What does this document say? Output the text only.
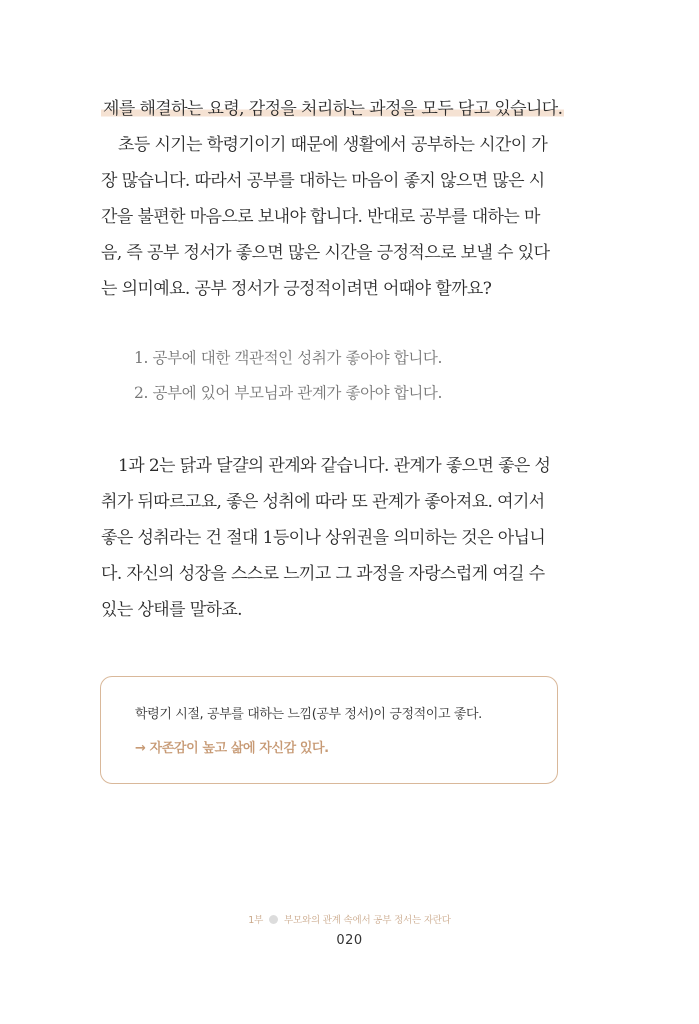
제를 해결하는 요령, 감정을 처리하는 과정을 모두 담고 있습니다.
초등 시기는 학령기이기 때문에 생활에서 공부하는 시간이 가
장 많습니다. 따라서 공부를 대하는 마음이 좋지 않으면 많은 시
간을 불편한 마음으로 보내야 합니다. 반대로 공부를 대하는 마
음, 즉 공부 정서가 좋으면 많은 시간을 긍정적으로 보낼 수 있다
는 의미예요. 공부 정서가 긍정적이려면 어때야 할까요?
1. 공부에 대한 객관적인 성취가 좋아야 합니다.
2. 공부에 있어 부모님과 관계가 좋아야 합니다.
1과 2는 닭과 달걀의 관계와 같습니다. 관계가 좋으면 좋은 성
취가 뒤따르고요, 좋은 성취에 따라 또 관계가 좋아져요. 여기서
좋은 성취라는 건 절대 1등이나 상위권을 의미하는 것은 아닙니
다. 자신의 성장을 스스로 느끼고 그 과정을 자랑스럽게 여길 수
있는 상태를 말하죠.
학령기 시절, 공부를 대하는 느낌(공부 정서)이 긍정적이고 좋다.
→ 자존감이 높고 삶에 자신감 있다.
1부 부모와의 관계 속에서 공부 정서는 자란다
020
